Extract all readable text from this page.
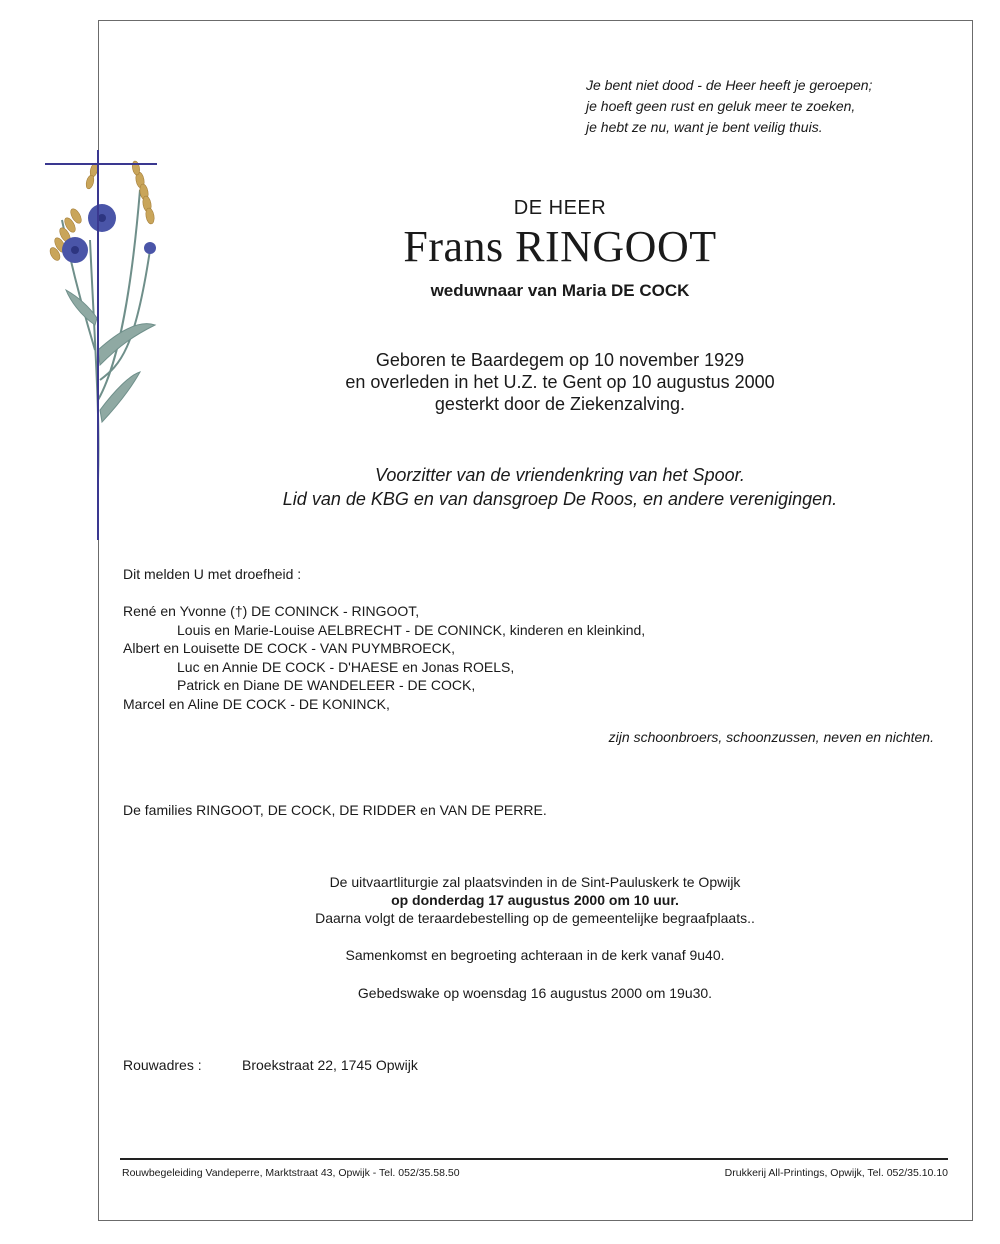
Je bent niet dood - de Heer heeft je geroepen;
je hoeft geen rust en geluk meer te zoeken,
je hebt ze nu, want je bent veilig thuis.
DE HEER
Frans RINGOOT
weduwnaar van Maria DE COCK
Geboren te Baardegem op 10 november 1929
en overleden in het U.Z. te Gent op 10 augustus 2000
gesterkt door de Ziekenzalving.
Voorzitter van de vriendenkring van het Spoor.
Lid van de KBG en van dansgroep De Roos, en andere verenigingen.
Dit melden U met droefheid :
René en Yvonne (†) DE CONINCK - RINGOOT,
Louis en Marie-Louise AELBRECHT - DE CONINCK, kinderen en kleinkind,
Albert en Louisette DE COCK - VAN PUYMBROECK,
Luc en Annie DE COCK - D'HAESE en Jonas ROELS,
Patrick en Diane DE WANDELEER - DE COCK,
Marcel en Aline DE COCK - DE KONINCK,
zijn schoonbroers, schoonzussen, neven en nichten.
De families RINGOOT, DE COCK, DE RIDDER en VAN DE PERRE.
De uitvaartliturgie zal plaatsvinden in de Sint-Pauluskerk te Opwijk
op donderdag 17 augustus 2000 om 10 uur.
Daarna volgt de teraardebestelling op de gemeentelijke begraafplaats..
Samenkomst en begroeting achteraan in de kerk vanaf 9u40.
Gebedswake op woensdag 16 augustus 2000 om 19u30.
Rouwadres :	Broekstraat 22, 1745 Opwijk
Rouwbegeleiding Vandeperre, Marktstraat 43, Opwijk - Tel. 052/35.58.50	Drukkerij All-Printings, Opwijk, Tel. 052/35.10.10
